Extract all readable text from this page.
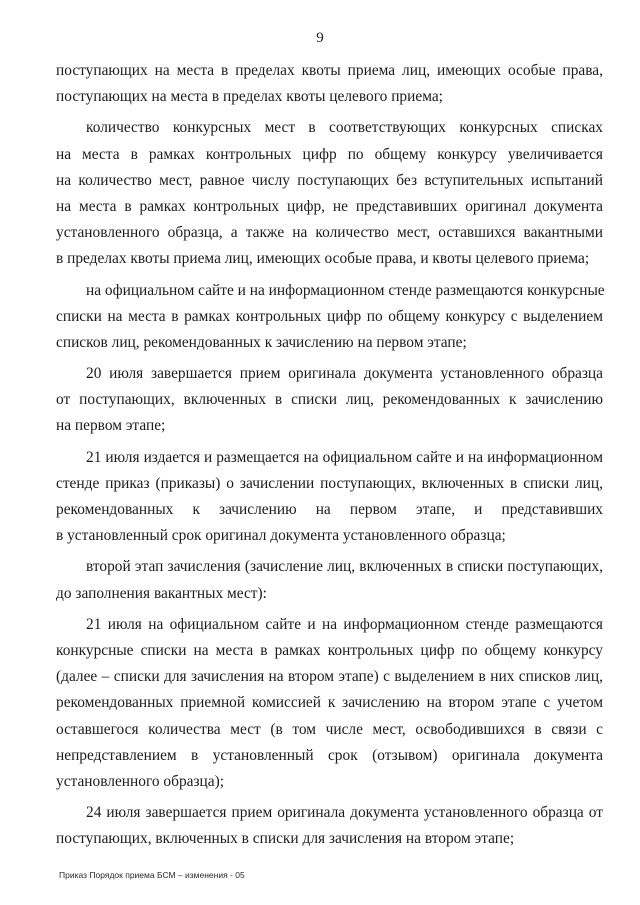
9
поступающих на места в пределах квоты приема лиц, имеющих особые права,
поступающих на места в пределах квоты целевого приема;
количество конкурсных мест в соответствующих конкурсных списках
на места в рамках контрольных цифр по общему конкурсу увеличивается
на количество мест, равное числу поступающих без вступительных испытаний
на места в рамках контрольных цифр, не представивших оригинал документа
установленного образца, а также на количество мест, оставшихся вакантными
в пределах квоты приема лиц, имеющих особые права, и квоты целевого приема;
на официальном сайте и на информационном стенде размещаются конкурсные
списки на места в рамках контрольных цифр по общему конкурсу с выделением
списков лиц, рекомендованных к зачислению на первом этапе;
20 июля завершается прием оригинала документа установленного образца
от поступающих, включенных в списки лиц, рекомендованных к зачислению
на первом этапе;
21 июля издается и размещается на официальном сайте и на информационном
стенде приказ (приказы) о зачислении поступающих, включенных в списки лиц,
рекомендованных к зачислению на первом этапе, и представивших
в установленный срок оригинал документа установленного образца;
второй этап зачисления (зачисление лиц, включенных в списки поступающих,
до заполнения вакантных мест):
21 июля на официальном сайте и на информационном стенде размещаются
конкурсные списки на места в рамках контрольных цифр по общему конкурсу
(далее – списки для зачисления на втором этапе) с выделением в них списков лиц,
рекомендованных приемной комиссией к зачислению на втором этапе с учетом
оставшегося количества мест (в том числе мест, освободившихся в связи с
непредставлением в установленный срок (отзывом) оригинала документа
установленного образца);
24 июля завершается прием оригинала документа установленного образца от
поступающих, включенных в списки для зачисления на втором этапе;
Приказ Порядок приема БСМ – изменения - 05
